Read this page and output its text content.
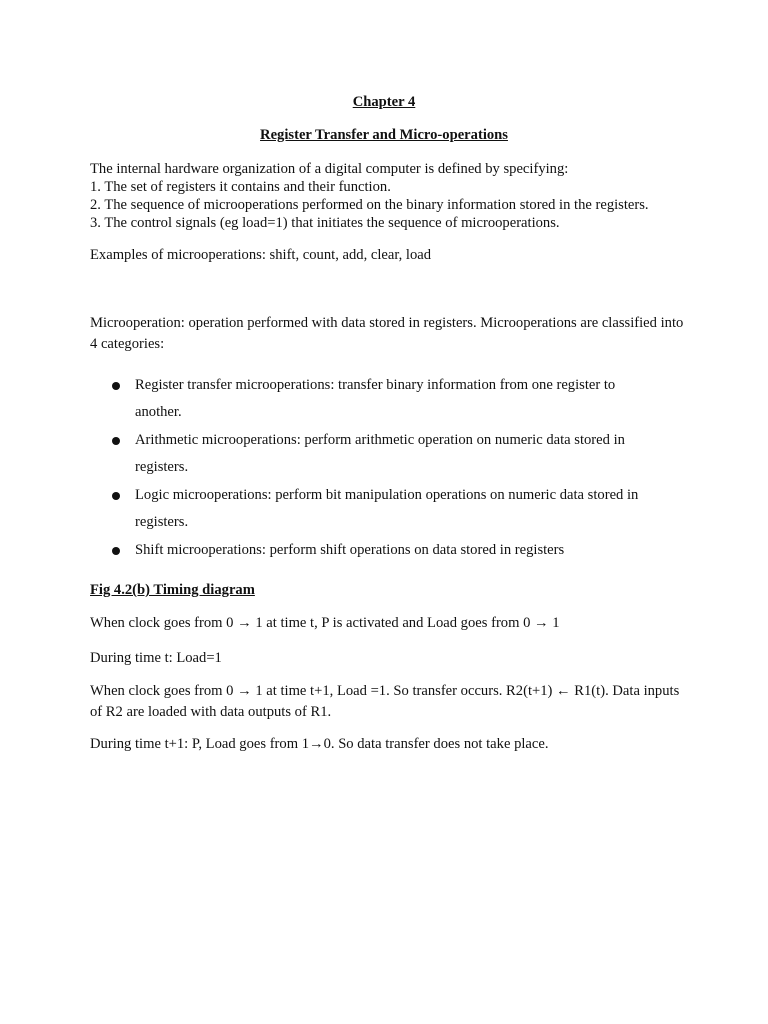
Chapter 4

Register Transfer and Micro-operations

The internal hardware organization of a digital computer is defined by specifying:
1. The set of registers it contains and their function.
2. The sequence of microoperations performed on the binary information stored in the registers.
3. The control signals (eg load=1) that initiates the sequence of microoperations.

Examples of microoperations: shift, count, add, clear, load

Microoperation: operation performed with data stored in registers. Microoperations are classified into 4 categories:

Register transfer microoperations: transfer binary information from one register to another.
Arithmetic microoperations: perform arithmetic operation on numeric data stored in registers.
Logic microoperations: perform bit manipulation operations on numeric data stored in registers.
Shift microoperations: perform shift operations on data stored in registers

Fig 4.2(b) Timing diagram

When clock goes from 0 → 1 at time t, P is activated and Load goes from 0 → 1

During time t: Load=1

When clock goes from 0 → 1 at time t+1, Load =1. So transfer occurs. R2(t+1) ← R1(t). Data inputs of R2 are loaded with data outputs of R1.

During time t+1: P, Load goes from 1→0. So data transfer does not take place.
